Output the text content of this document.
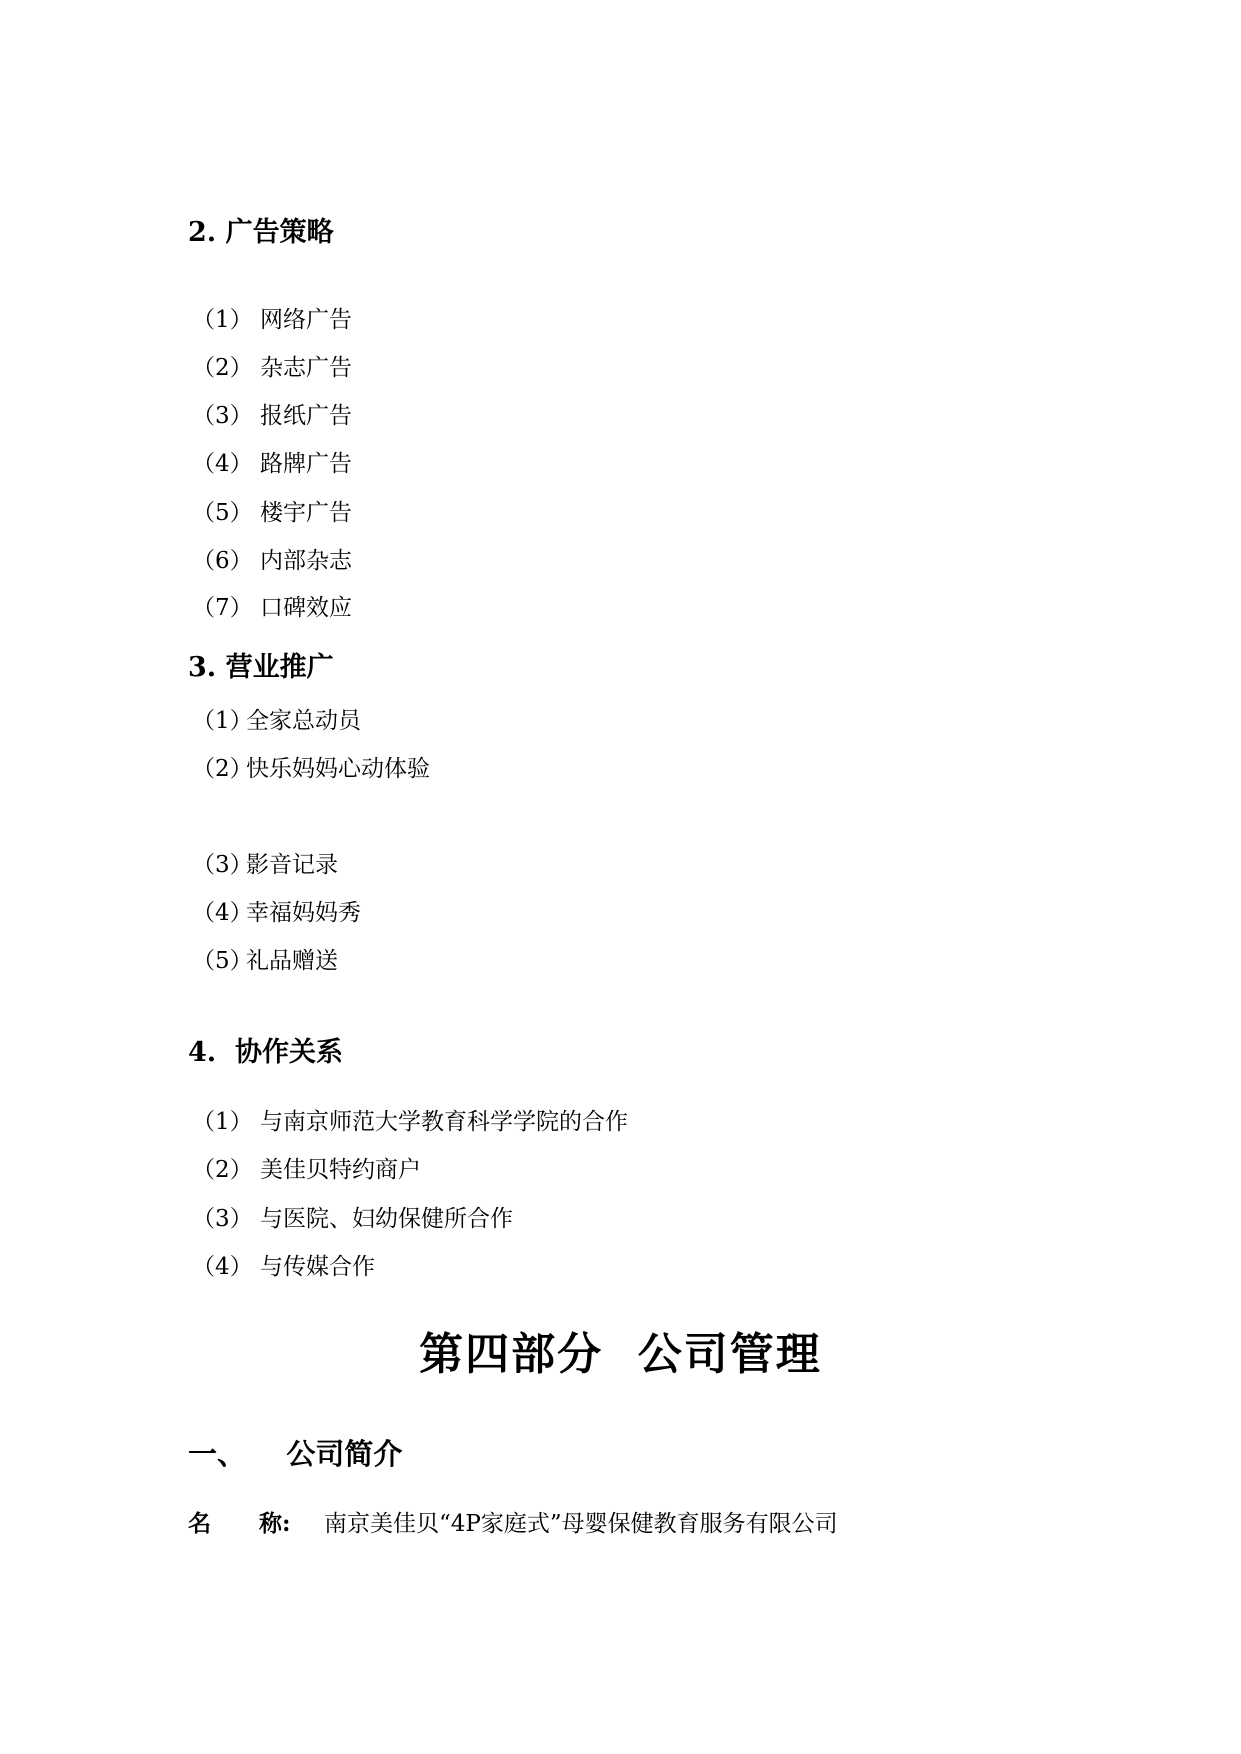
2. 广告策略
（1） 网络广告
（2） 杂志广告
（3） 报纸广告
（4） 路牌广告
（5） 楼宇广告
（6） 内部杂志
（7） 口碑效应
3. 营业推广
（1）全家总动员
（2）快乐妈妈心动体验
（3）影音记录
（4）幸福妈妈秀
（5）礼品赠送
4.  协作关系
（1） 与南京师范大学教育科学学院的合作
（2） 美佳贝特约商户
（3） 与医院、妇幼保健所合作
（4） 与传媒合作
第四部分  公司管理
一、    公司简介
名      称: 南京美佳贝“4P家庭式”母婴保健教育服务有限公司
